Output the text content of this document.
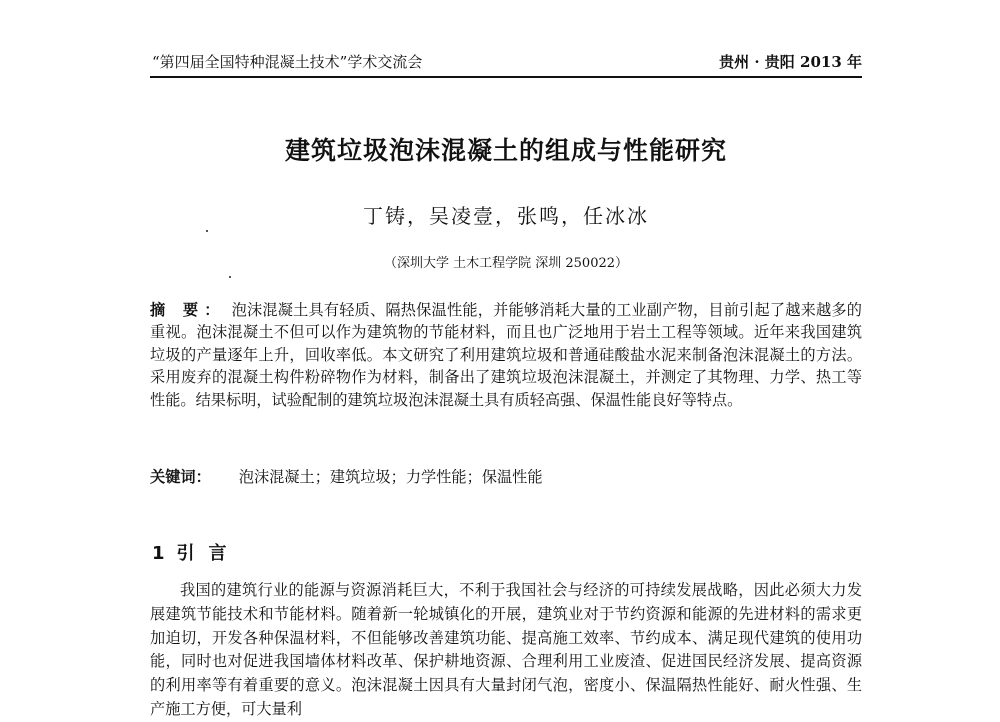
“第四届全国特种混凝土技术”学术交流会	贵州 · 贵阳 2013 年
建筑垃圾泡沫混凝土的组成与性能研究
丁铸，吴凌壹，张鸣，任冰冰
（深圳大学 土木工程学院 深圳 250022）

摘 要： 泡沫混凝土具有轻质、隔热保温性能，并能够消耗大量的工业副产物，目前引起了越来越多的重视。泡沫混凝土不但可以作为建筑物的节能材料，而且也广泛地用于岩土工程等领域。近年来我国建筑垃圾的产量逐年上升，回收率低。本文研究了利用建筑垃圾和普通硅酸盐水泥来制备泡沫混凝土的方法。采用废弃的混凝土构件粉碎物作为材料，制备出了建筑垃圾泡沫混凝土，并测定了其物理、力学、热工等性能。结果标明，试验配制的建筑垃圾泡沫混凝土具有质轻高强、保温性能良好等特点。

关键词： 泡沫混凝土；建筑垃圾；力学性能；保温性能
1 引言

我国的建筑行业的能源与资源消耗巨大，不利于我国社会与经济的可持续发展战略，因此必须大力发展建筑节能技术和节能材料。随着新一轮城镇化的开展，建筑业对于节约资源和能源的先进材料的需求更加迫切，开发各种保温材料，不但能够改善建筑功能、提高施工效率、节约成本、满足现代建筑的使用功能，同时也对促进我国墙体材料改革、保护耕地资源、合理利用工业废渣、促进国民经济发展、提高资源的利用率等有着重要的意义。泡沫混凝土因具有大量封闭气泡，密度小、保温隔热性能好、耐火性强、生产施工方便，可大量利
